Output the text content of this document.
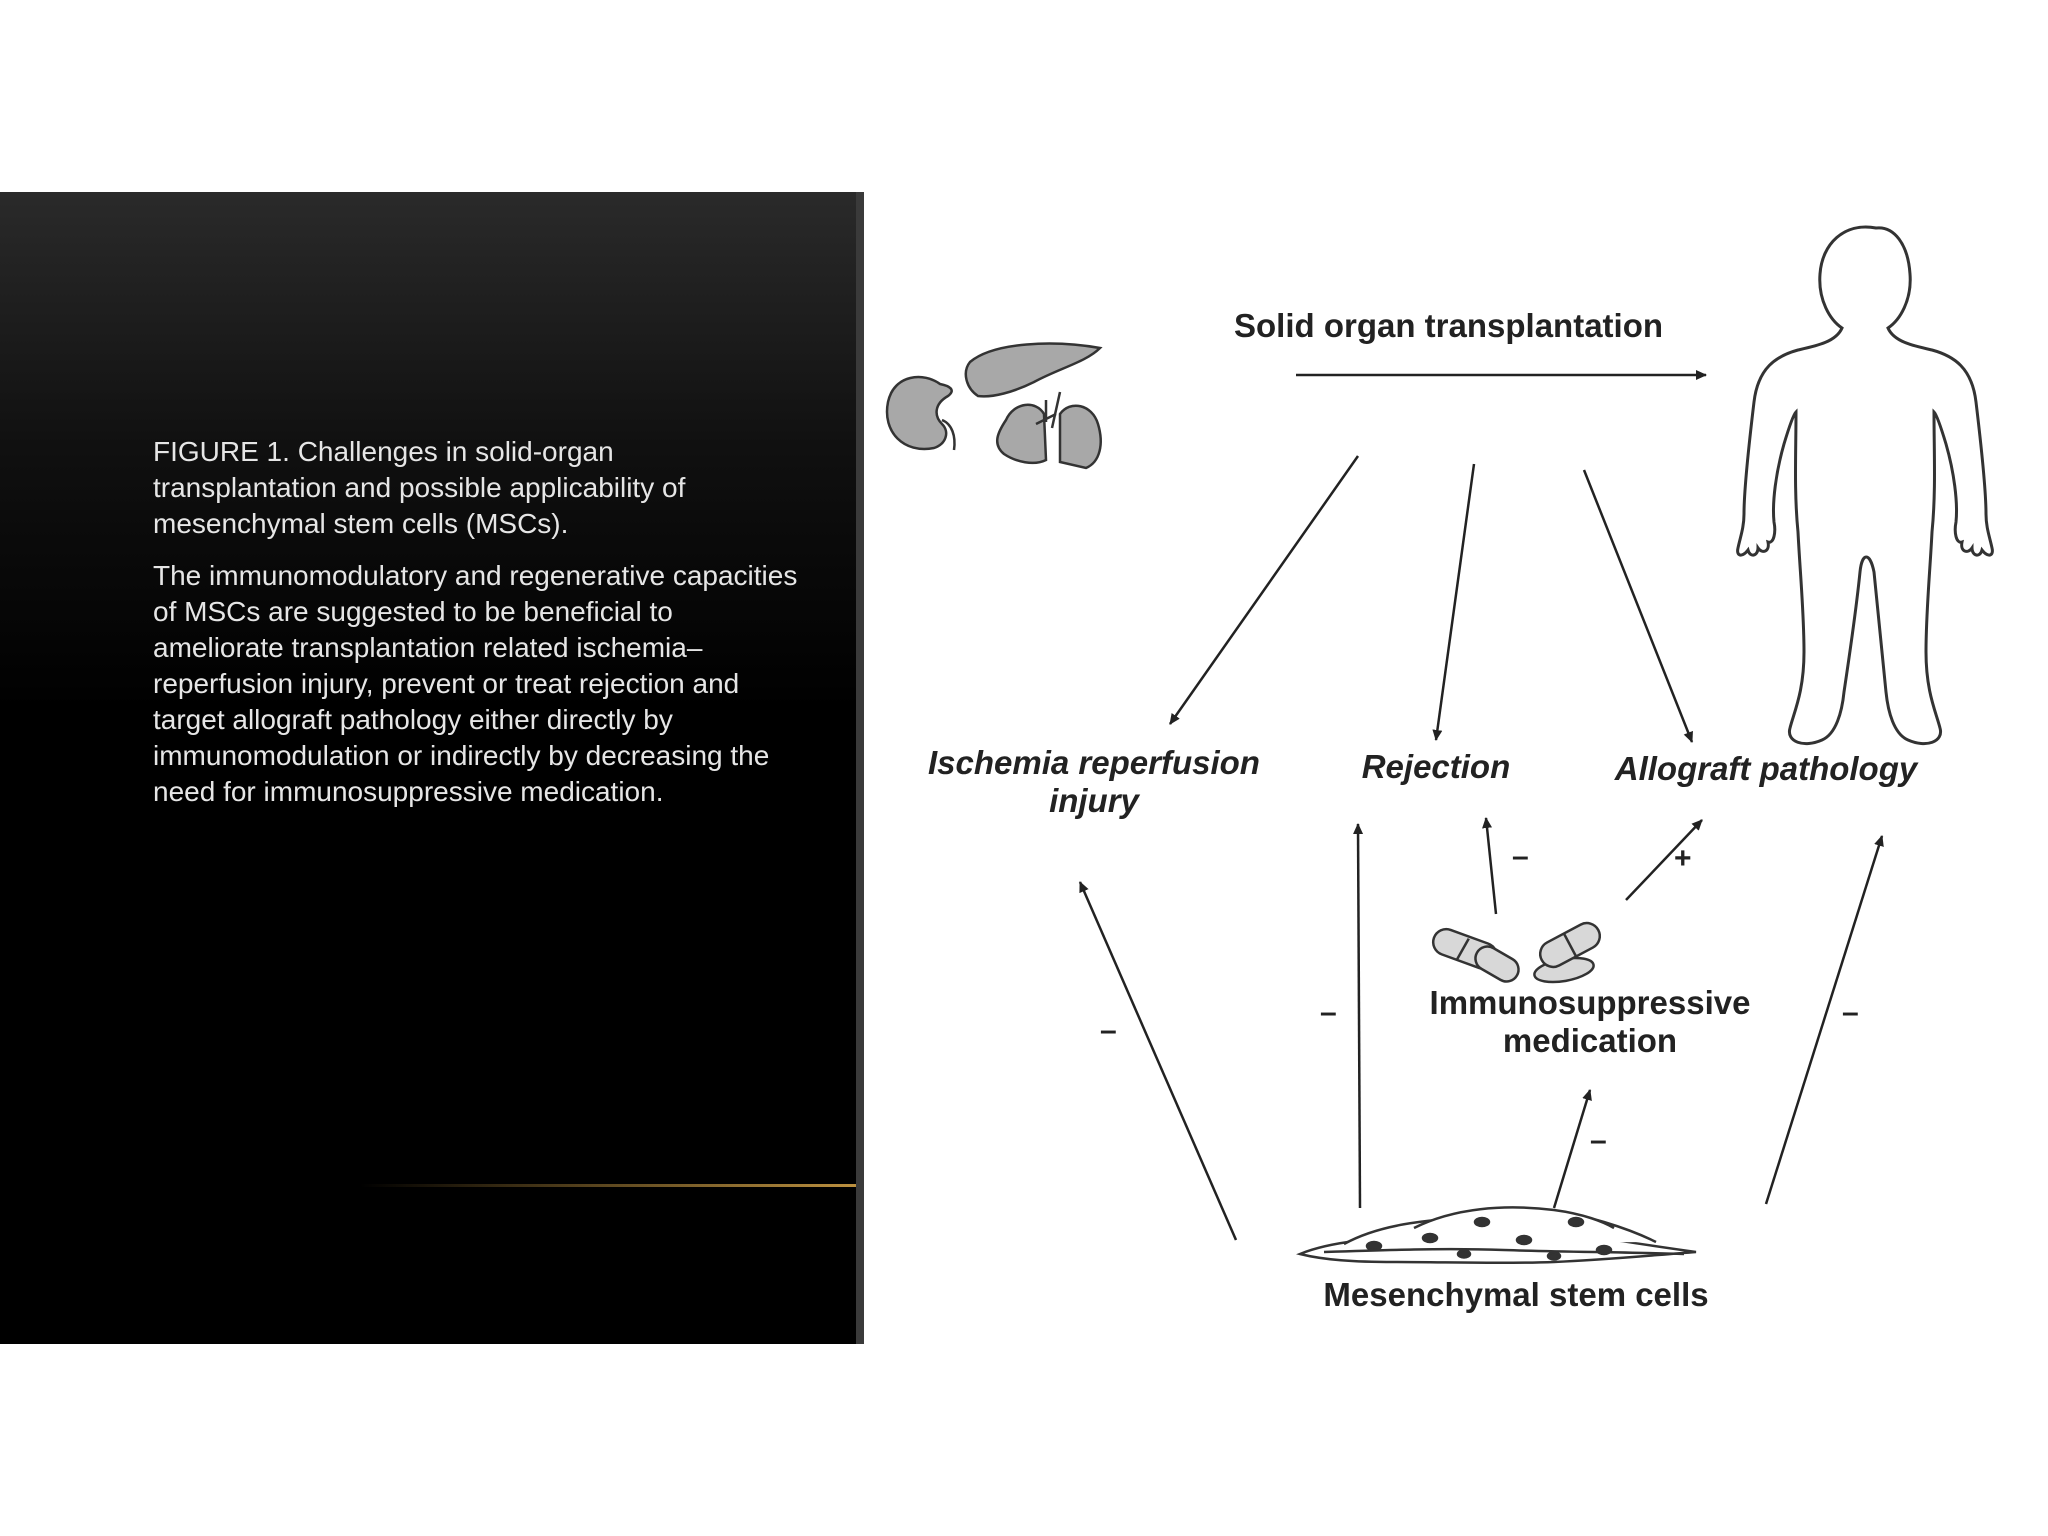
FIGURE 1. Challenges in solid-organ transplantation and possible applicability of mesenchymal stem cells (MSCs).

The immunomodulatory and regenerative capacities of MSCs are suggested to be beneficial to ameliorate transplantation related ischemia–reperfusion injury, prevent or treat rejection and target allograft pathology either directly by immunomodulation or indirectly by decreasing the need for immunosuppressive medication.

Solid organ transplantation
Ischemia reperfusion
injury
Rejection	Allograft pathology
–
–	–
–
–	+
Immunosuppressive
medication
Mesenchymal stem cells
